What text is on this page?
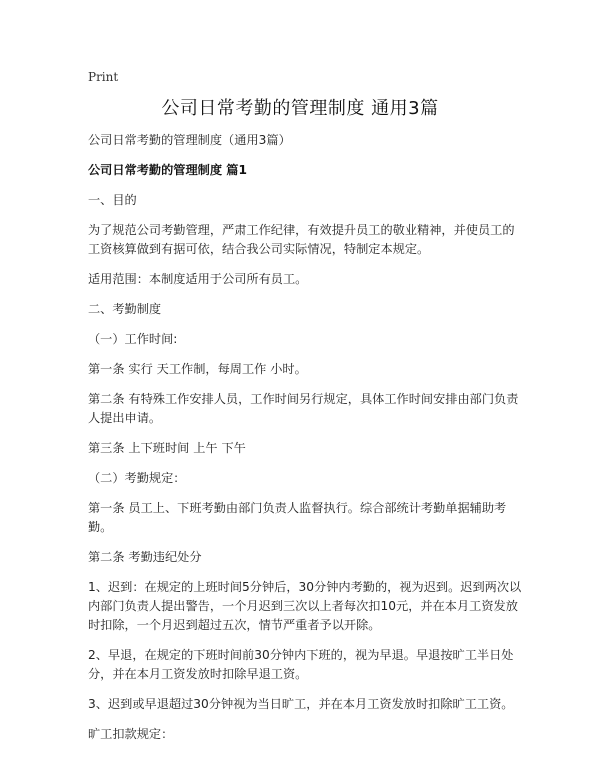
Print
公司日常考勤的管理制度 通用3篇

公司日常考勤的管理制度（通用3篇）

公司日常考勤的管理制度 篇1

一、目的

为了规范公司考勤管理，严肃工作纪律，有效提升员工的敬业精神，并使员工的工资核算做到有据可依，结合我公司实际情况，特制定本规定。

适用范围：本制度适用于公司所有员工。

二、考勤制度

（一）工作时间:

第一条 实行 天工作制，每周工作 小时。

第二条 有特殊工作安排人员，工作时间另行规定，具体工作时间安排由部门负责人提出申请。

第三条 上下班时间 上午 下午

（二）考勤规定：

第一条 员工上、下班考勤由部门负责人监督执行。综合部统计考勤单据辅助考勤。

第二条 考勤违纪处分

1、迟到：在规定的上班时间5分钟后，30分钟内考勤的，视为迟到。迟到两次以内部门负责人提出警告，一个月迟到三次以上者每次扣10元，并在本月工资发放时扣除，一个月迟到超过五次，情节严重者予以开除。

2、早退，在规定的下班时间前30分钟内下班的，视为早退。早退按旷工半日处分，并在本月工资发放时扣除早退工资。

3、迟到或早退超过30分钟视为当日旷工，并在本月工资发放时扣除旷工工资。

旷工扣款规定：
